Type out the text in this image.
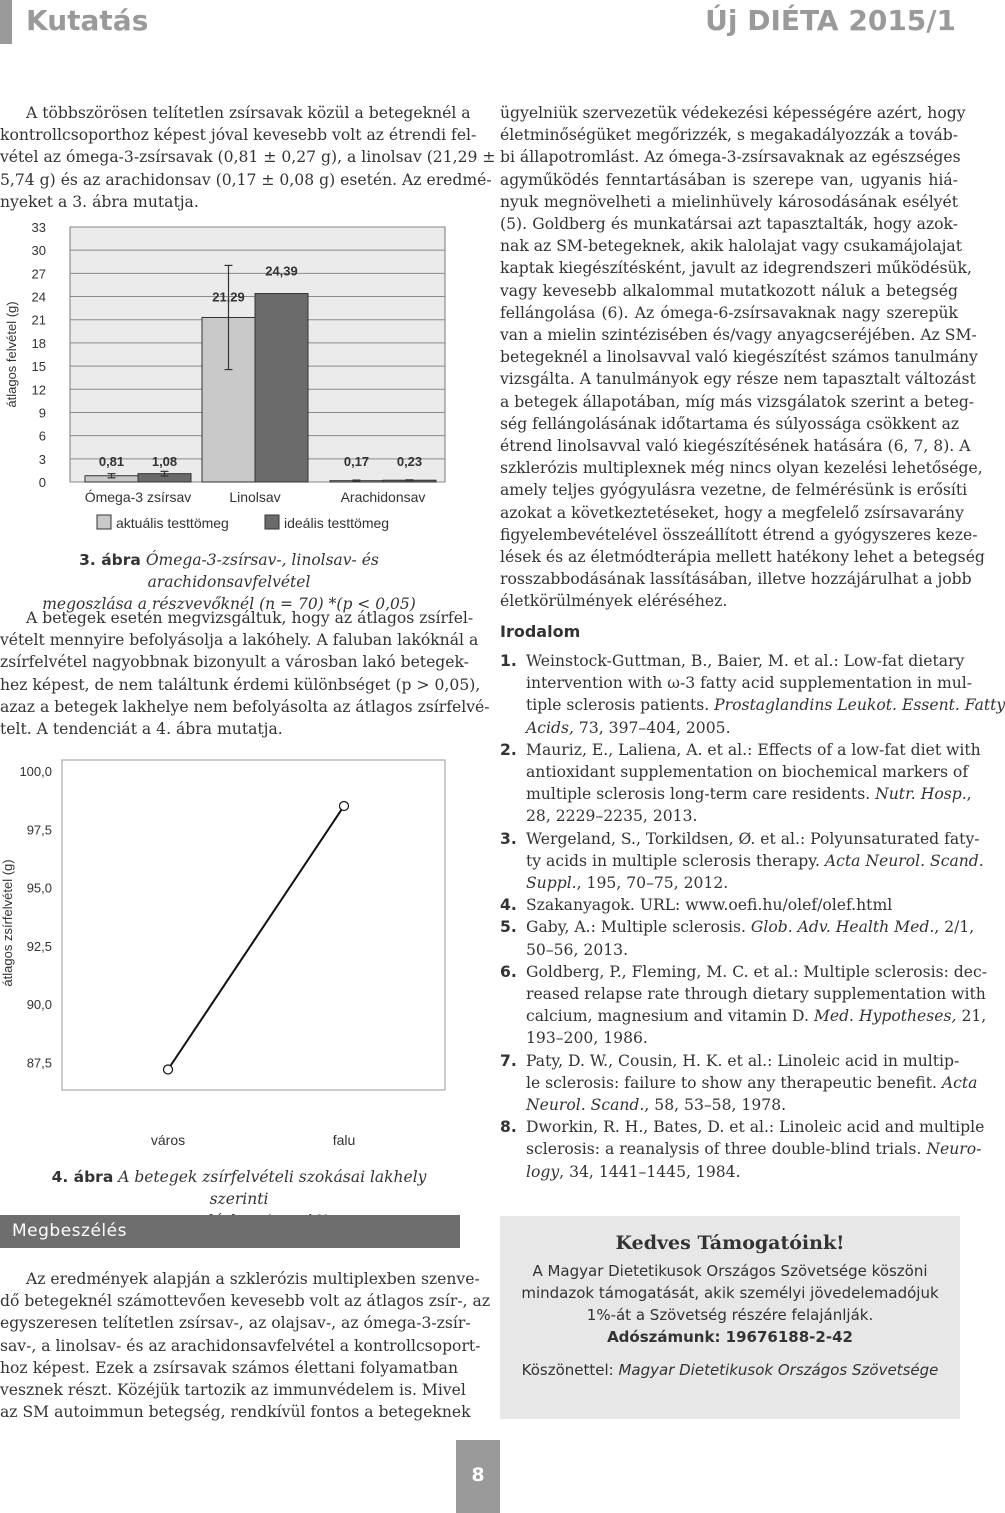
Kutatás	Új DIÉTA 2015/1
A többszörösen telítetlen zsírsavak közül a betegeknél a
kontrollcsoporthoz képest jóval kevesebb volt az étrendi fel-
vétel az ómega-3-zsírsavak (0,81 ± 0,27 g), a linolsav (21,29 ±
5,74 g) és az arachidonsav (0,17 ± 0,08 g) esetén. Az eredmé-
nyeket a 3. ábra mutatja.
0
3
6
9
12
15
18
21
24
27
30
33
átlagos felvétel (g)
0,81 1,08
Ómega-3 zsírsav
21,29
24,39
Linolsav
0,17 0,23
Arachidonsav
aktuális testtömeg	ideális testtömeg
3. ábra Ómega-3-zsírsav-, linolsav- és arachidonsavfelvétel
megoszlása a részvevőknél (n = 70) *(p < 0,05)
A betegek esetén megvizsgáltuk, hogy az átlagos zsírfel-
vételt mennyire befolyásolja a lakóhely. A faluban lakóknál a
zsírfelvétel nagyobbnak bizonyult a városban lakó betegek-
hez képest, de nem találtunk érdemi különbséget (p > 0,05),
azaz a betegek lakhelye nem befolyásolta az átlagos zsírfelvé-
telt. A tendenciát a 4. ábra mutatja.
87,5
90,0
92,5
95,0
97,5
100,0
átlagos zsírfelvétel (g)
város	falu
4. ábra A betegek zsírfelvételi szokásai lakhely szerinti
Megbeszélés
Az eredmények alapján a szklerózis multiplexben szenve-
dő betegeknél számottevően kevesebb volt az átlagos zsír-, az
egyszeresen telítetlen zsírsav-, az olajsav-, az ómega-3-zsír-
sav-, a linolsav- és az arachidonsavfelvétel a kontrollcsoport-
hoz képest. Ezek a zsírsavak számos élettani folyamatban
vesznek részt. Közéjük tartozik az immunvédelem is. Mivel
az SM autoimmun betegség, rendkívül fontos a betegeknek
ügyelniük szervezetük védekezési képességére azért, hogy
életminőségüket megőrizzék, s megakadályozzák a továb-
bi állapotromlást. Az ómega-3-zsírsavaknak az egészséges
agyműködés fenntartásában is szerepe van, ugyanis hiá-
nyuk megnövelheti a mielinhüvely károsodásának esélyét
(5). Goldberg és munkatársai azt tapasztalták, hogy azok-
nak az SM-betegeknek, akik halolajat vagy csukamájolajat
kaptak kiegészítésként, javult az idegrendszeri működésük,
vagy kevesebb alkalommal mutatkozott náluk a betegség
fellángolása (6). Az ómega-6-zsírsavaknak nagy szerepük
van a mielin szintézisében és/vagy anyagcseréjében. Az SM-
betegeknél a linolsavval való kiegészítést számos tanulmány
vizsgálta. A tanulmányok egy része nem tapasztalt változást
a betegek állapotában, míg más vizsgálatok szerint a beteg-
ség fellángolásának időtartama és súlyossága csökkent az
étrend linolsavval való kiegészítésének hatására (6, 7, 8). A
szklerózis multiplexnek még nincs olyan kezelési lehetősége,
amely teljes gyógyulásra vezetne, de felmérésünk is erősíti
azokat a következtetéseket, hogy a megfelelő zsírsavarány
figyelembevételével összeállított étrend a gyógyszeres keze-
lések és az életmódterápia mellett hatékony lehet a betegség
rosszabbodásának lassításában, illetve hozzájárulhat a jobb
életkörülmények eléréséhez.
Irodalom
1. Weinstock-Guttman, B., Baier, M. et al.: Low-fat dietary
intervention with ω-3 fatty acid supplementation in mul-
tiple sclerosis patients. Prostaglandins Leukot. Essent. Fatty
Acids, 73, 397–404, 2005.
2. Mauriz, E., Laliena, A. et al.: Effects of a low-fat diet with
antioxidant supplementation on biochemical markers of
multiple sclerosis long-term care residents. Nutr. Hosp.,
28, 2229–2235, 2013.
3. Wergeland, S., Torkildsen, Ø. et al.: Polyunsaturated faty-
ty acids in multiple sclerosis therapy. Acta Neurol. Scand.
Suppl., 195, 70–75, 2012.
4. Szakanyagok. URL: www.oefi.hu/olef/olef.html
5. Gaby, A.: Multiple sclerosis. Glob. Adv. Health Med., 2/1,
50–56, 2013.
6. Goldberg, P., Fleming, M. C. et al.: Multiple sclerosis: dec-
reased relapse rate through dietary supplementation with
calcium, magnesium and vitamin D. Med. Hypotheses, 21,
193–200, 1986.
7. Paty, D. W., Cousin, H. K. et al.: Linoleic acid in multip-
le sclerosis: failure to show any therapeutic benefit. Acta
Neurol. Scand., 58, 53–58, 1978.
8. Dworkin, R. H., Bates, D. et al.: Linoleic acid and multiple
sclerosis: a reanalysis of three double-blind trials. Neuro-
logy, 34, 1441–1445, 1984.
Kedves Támogatóink!
A Magyar Dietetikusok Országos Szövetsége köszöni
mindazok támogatását, akik személyi jövedelemadójuk
1%-át a Szövetség részére felajánlják.
Adószámunk: 19676188-2-42
Köszönettel: Magyar Dietetikusok Országos Szövetsége
8
